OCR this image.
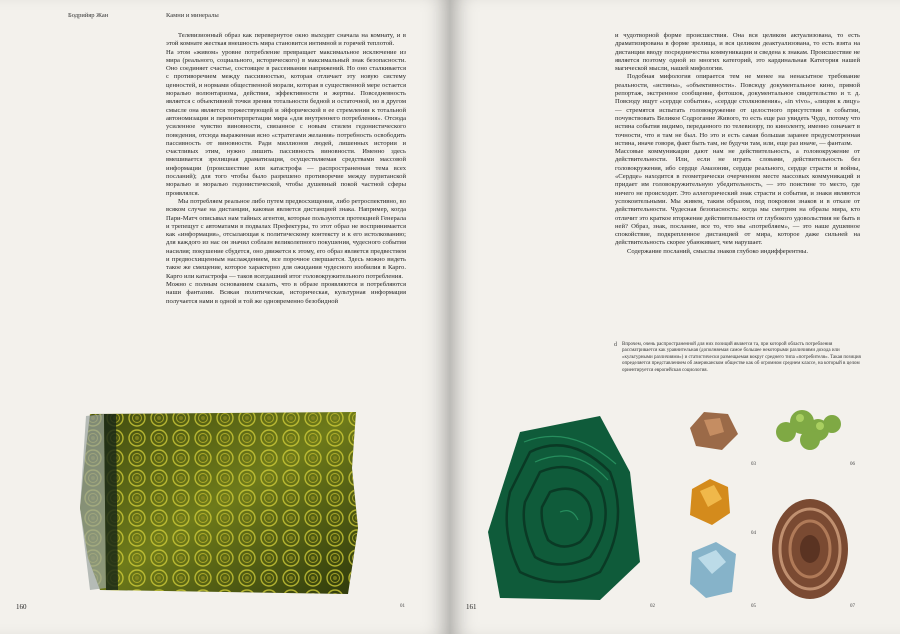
Бодрийяр Жан	Камни и минералы

Телевизионный образ как перевернутое окно выходит сначала на комнату, и в этой комнате жесткая внешность мира становится интимной и горячей теплотой.

На этом «живом» уровне потребление превращает максимальное исключение из мира (реального, социального, исторического) в максимальный знак безопасности. Оно соединяет счастье, состоящее в рассеивании напряжений. Но оно сталкивается с противоречием между пассивностью, которая отличает эту новую систему ценностей, и нормами общественной морали, которая в существенной мере остается моралью волюнтаризма, действия, эффективности и жертвы. Повседневность является с объективной точки зрения тотальности бедной и остаточной, но в другом смысле она является торжествующей и эйфорической в ее стремлении к тотальной автономизации и переинтерпретации мира «для внутреннего потребления». Отсюда усиленное чувство виновности, связанное с новым стилем гедонистического поведения, отсюда выраженная ясно «стратегами желания» потребность освободить пассивность от виновности. Ради миллионов людей, лишенных истории и счастливых этим, нужно лишить пассивность виновности. Именно здесь вмешивается зрелищная драматизация, осуществляемая средствами массовой информации (происшествие или катастрофа — распространенная тема всех посланий); для того чтобы было разрешено противоречие между пуританской моралью и моралью гедонистической, чтобы душевный покой частной сферы проявлялся.

Мы потребляем реальное либо путем предвосхищения, либо ретроспективно, во всяком случае на дистанции, каковая является дистанцией знака. Например, когда Пари-Матч описывал нам тайных агентов, которые пользуются протекцией Генерала и трепещут с автоматами в подвалах Префектуры, то этот образ не воспринимается как «информация», отсылающая к политическому контексту и к его истолкованию; для каждого из нас он значил соблазн великолепного покушения, чудесного события насилия; покушение сбудется, оно движется к этому, его образ является предвестием и предвосхищенным наслаждением, все порочное свершается. Здесь можно видеть такое же смещение, которое характерно для ожидания чудесного изобилия в Карго. Карго или катастрофа — таков всегдашний итог головокружительного потребления.

Можно с полным основанием сказать, что в образе проявляются и потребляются наши фантазии. Всякая политическая, историческая, культурная информация получается нами в одной и той же одновременно безобидной

160	01

и чудотворной форме происшествия. Она вся целиком актуализована, то есть драматизирована в форме зрелища, и вся целиком деактуализована, то есть взята на дистанции вводу посредничества коммуникации и сведена к знакам. Происшествие не является поэтому одной из многих категорий, это кардинальная Категория нашей магической мысли, нашей мифологии.

Подобная мифология опирается тем не менее на ненасытное требование реальности, «истины», «объективности». Повсюду документальное кино, прямой репортаж, экстренное сообщение, фотошок, документальное свидетельство и т. д. Повсюду ищут «сердце события», «сердце столкновения», «in vivo», «лицом к лицу» — стремятся испытать головокружение от целостного присутствия в событии, почувствовать Великое Содрогание Живого, то есть еще раз увидеть Чудо, потому что истина события видимо, переданного по телевизору, по киноленту, именно означает в точности, что я там не был. Но это и есть самая большая заранее предусмотренная истина, иначе говоря, факт быть там, не будучи там, или, еще раз иначе, — фантазм.

Массовые коммуникации дают нам не действительность, а головокружение от действительности. Или, если не играть словами, действительность без головокружения, ибо сердце Амазонии, сердце реального, сердце страсти и войны, «Сердце» находится в геометрически очерченном месте массовых коммуникаций и придает им головокружительную убедительность, — это поистине то место, где ничего не происходит. Это аллегорический знак страсти и события, и знаки являются успокоительными. Мы живем, таким образом, под покровом знаков и в отказе от действительности. Чудесная безопасность: когда мы смотрим на образы мира, кто отличит это краткое вторжение действительности от глубокого удовольствия не быть в ней? Образ, знак, послание, все то, что мы «потребляем», — это наше душевное спокойствие, подкрепленное дистанцией от мира, которое даже сильней на действительность скорее убаюкивает, чем нарушает.

Содержание посланий, смыслы знаков глубоко индифферентны.

d Впрочем, очень распространенной для них позиций является та, при которой область потребления рассматривается как уравнительная (дополняемая самое большее некоторыми различиями дохода или «культурными различиями») и статистически размещаемая вокруг среднего типа «потребителя». Такая позиция определяется представлением об американском обществе как об огромном среднем классе, на который в целом ориентируется европейская социология.
161	02
03
04
05
06
07
